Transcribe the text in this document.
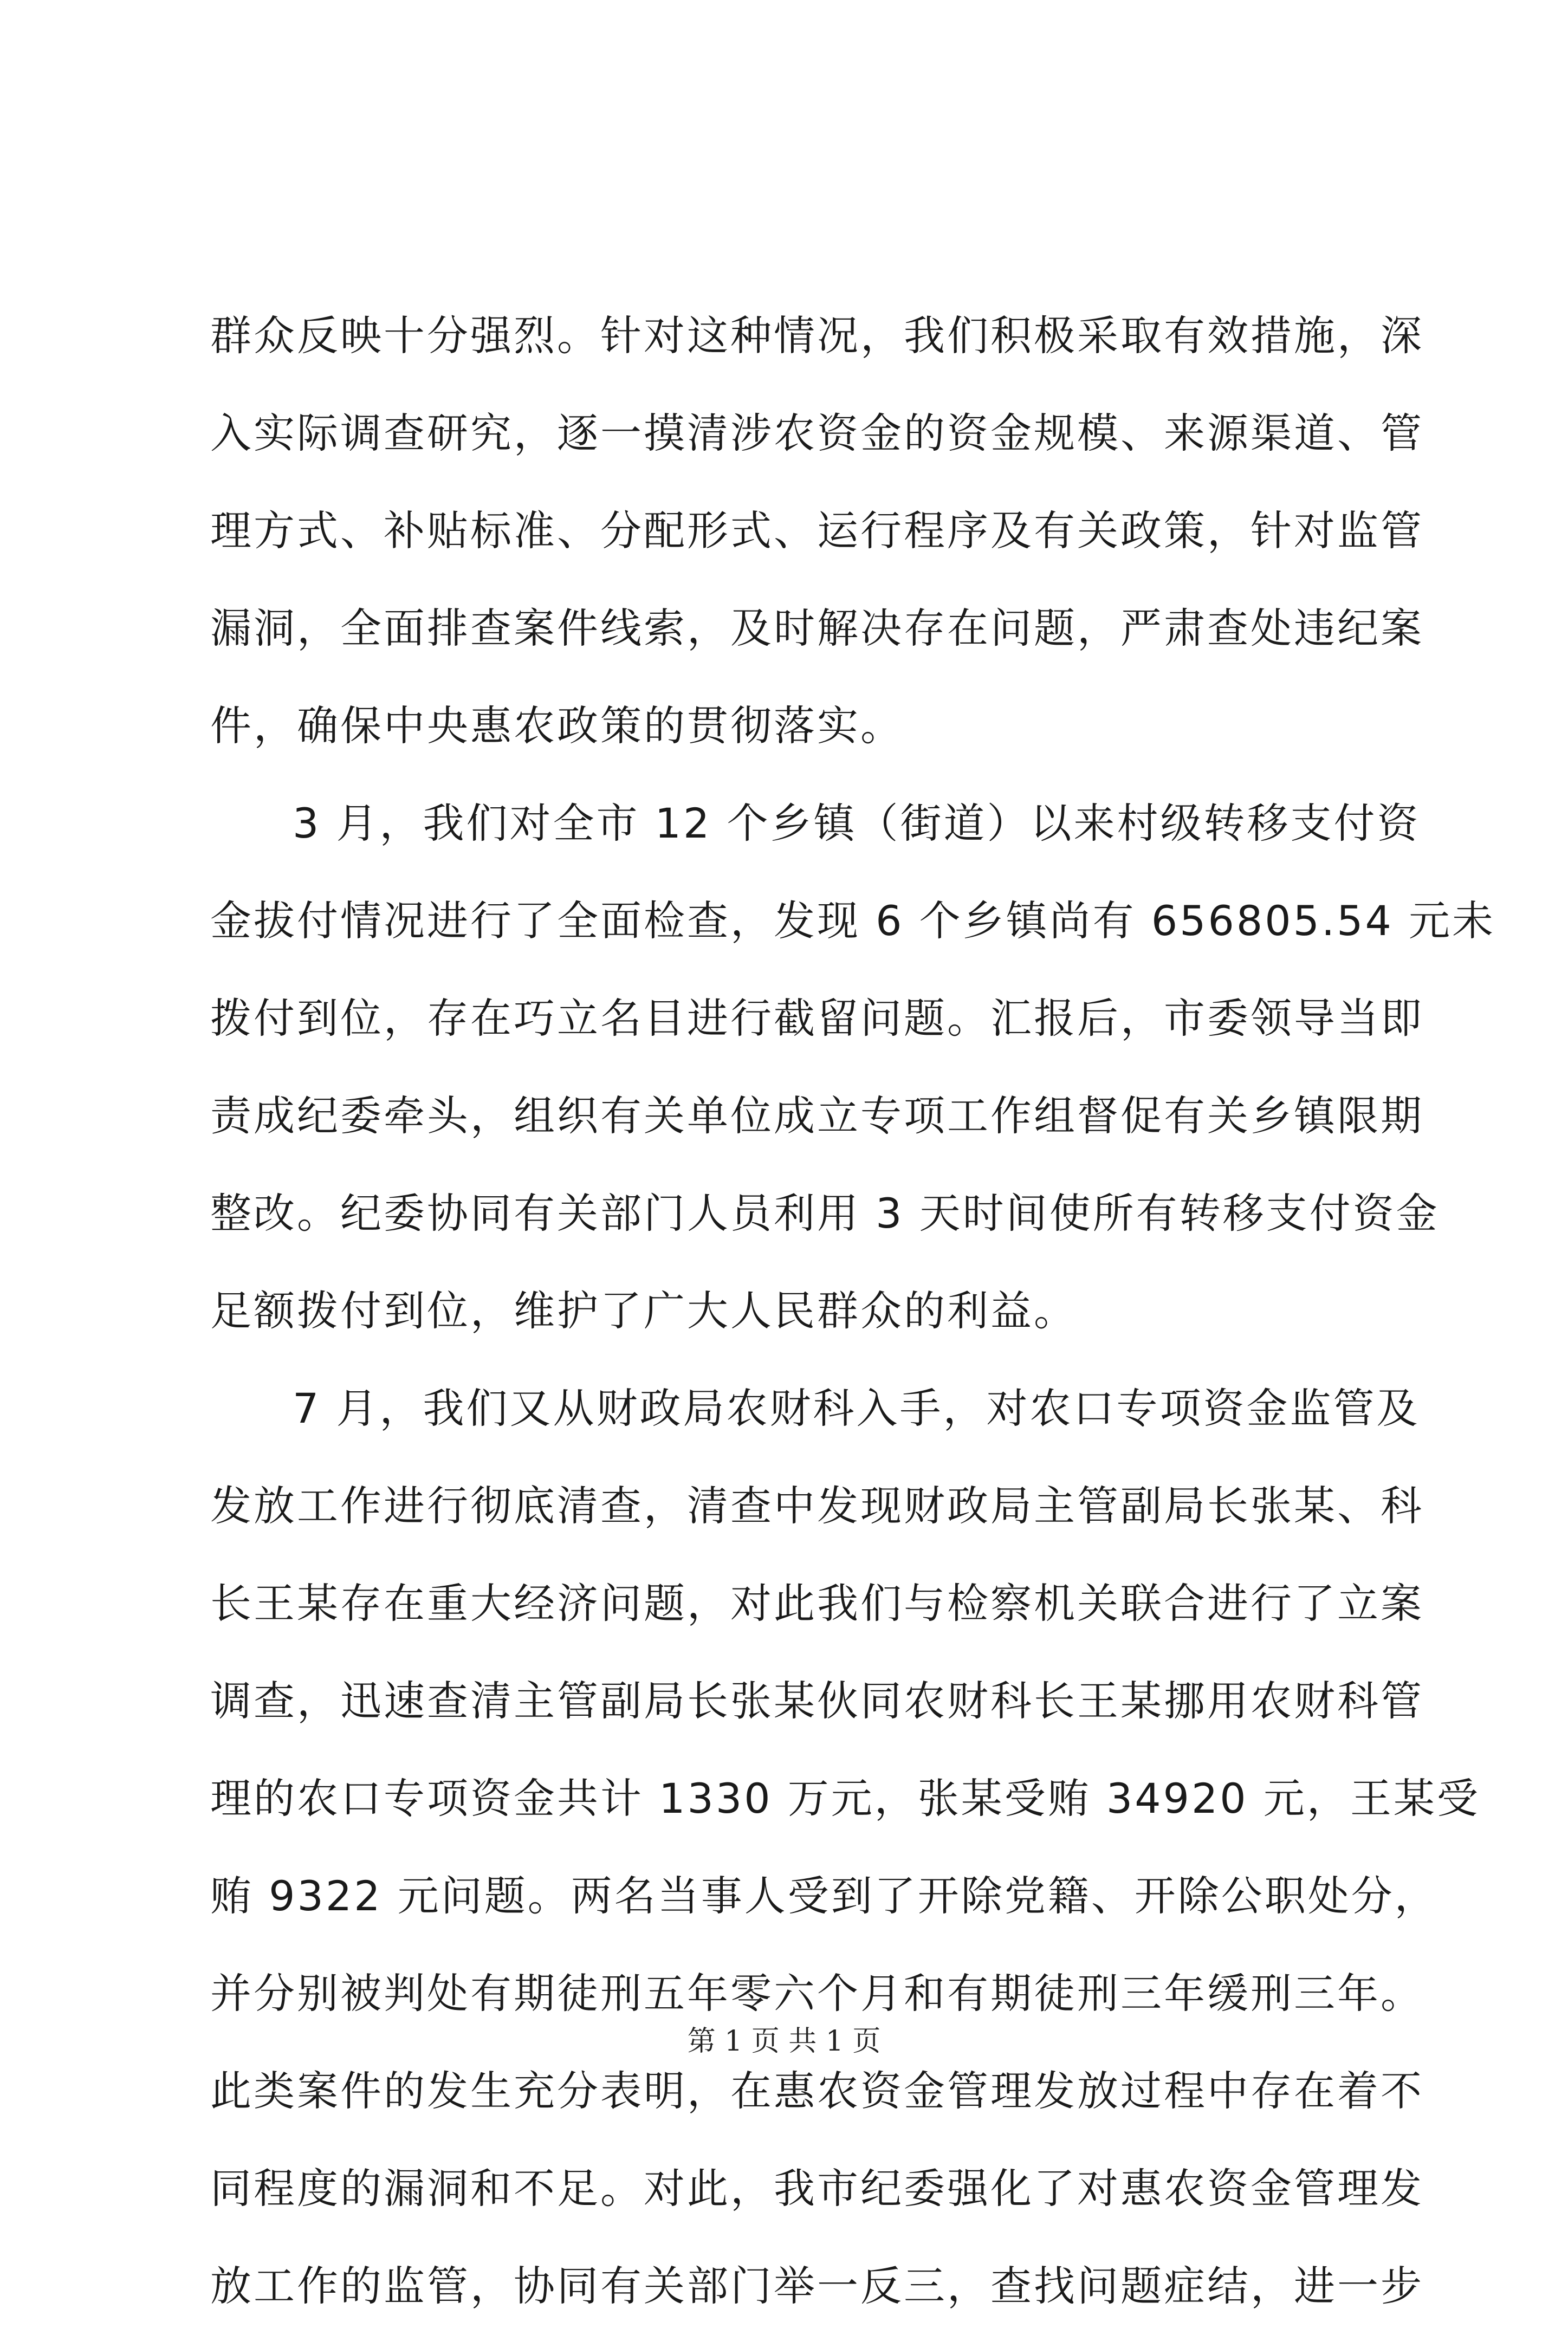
群众反映十分强烈。针对这种情况，我们积极采取有效措施，深
入实际调查研究，逐一摸清涉农资金的资金规模、来源渠道、管
理方式、补贴标准、分配形式、运行程序及有关政策，针对监管
漏洞，全面排查案件线索，及时解决存在问题，严肃查处违纪案
件，确保中央惠农政策的贯彻落实。
3 月，我们对全市 12 个乡镇（街道）以来村级转移支付资
金拔付情况进行了全面检查，发现 6 个乡镇尚有 656805.54 元未
拨付到位，存在巧立名目进行截留问题。汇报后，市委领导当即
责成纪委牵头，组织有关单位成立专项工作组督促有关乡镇限期
整改。纪委协同有关部门人员利用 3 天时间使所有转移支付资金
足额拨付到位，维护了广大人民群众的利益。
7 月，我们又从财政局农财科入手，对农口专项资金监管及
发放工作进行彻底清查，清查中发现财政局主管副局长张某、科
长王某存在重大经济问题，对此我们与检察机关联合进行了立案
调查，迅速查清主管副局长张某伙同农财科长王某挪用农财科管
理的农口专项资金共计 1330 万元，张某受贿 34920 元，王某受
贿 9322 元问题。两名当事人受到了开除党籍、开除公职处分，
并分别被判处有期徒刑五年零六个月和有期徒刑三年缓刑三年。
此类案件的发生充分表明，在惠农资金管理发放过程中存在着不
同程度的漏洞和不足。对此，我市纪委强化了对惠农资金管理发
放工作的监管，协同有关部门举一反三，查找问题症结，进一步
第 1 页 共 1 页
